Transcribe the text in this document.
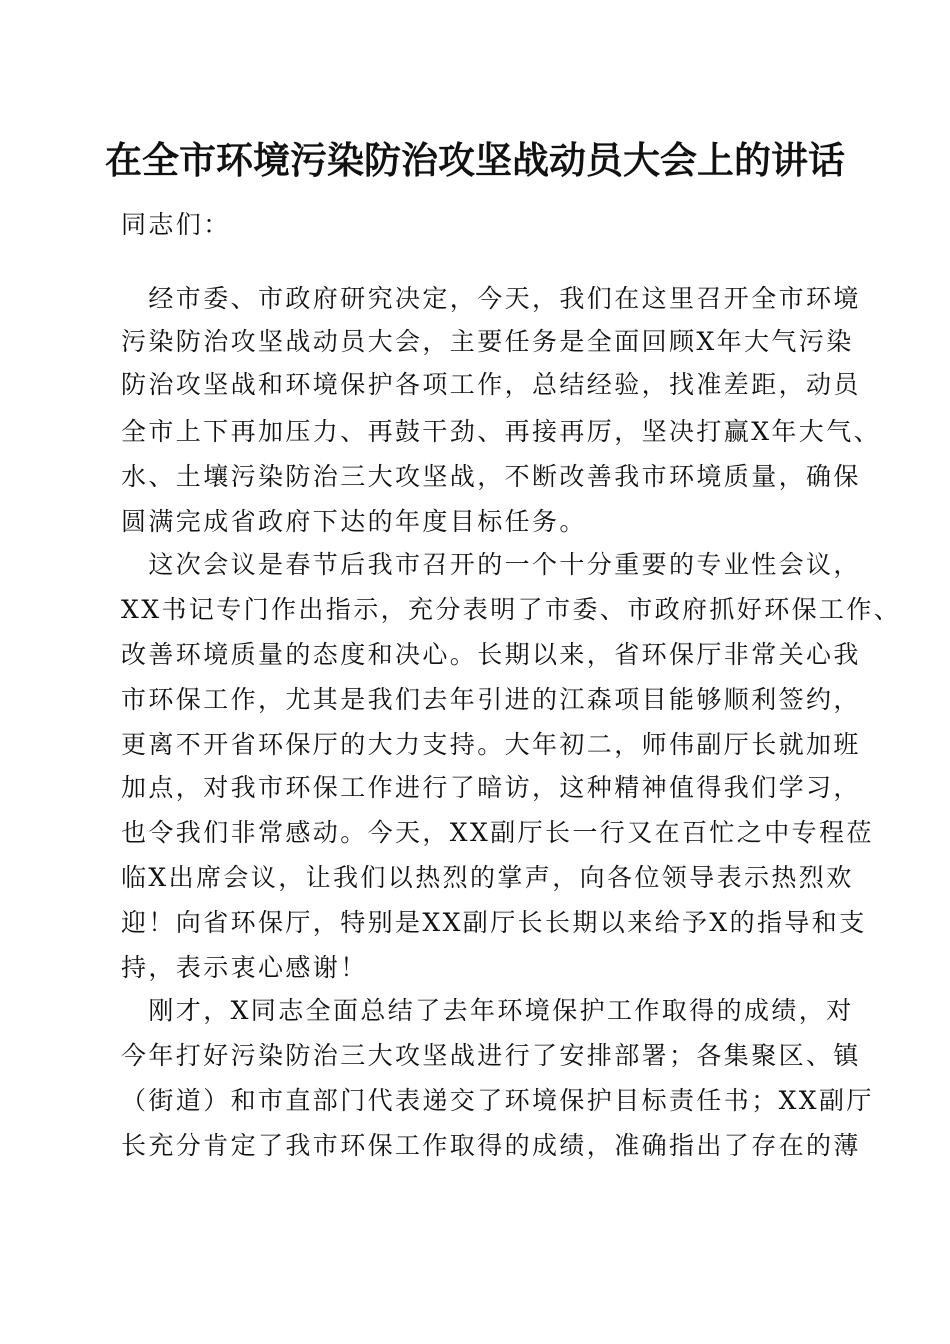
在全市环境污染防治攻坚战动员大会上的讲话

同志们：

　经市委、市政府研究决定，今天，我们在这里召开全市环境

污染防治攻坚战动员大会，主要任务是全面回顾X年大气污染

防治攻坚战和环境保护各项工作，总结经验，找准差距，动员

全市上下再加压力、再鼓干劲、再接再厉，坚决打赢X年大气、

水、土壤污染防治三大攻坚战，不断改善我市环境质量，确保

圆满完成省政府下达的年度目标任务。

　这次会议是春节后我市召开的一个十分重要的专业性会议，

XX书记专门作出指示，充分表明了市委、市政府抓好环保工作、

改善环境质量的态度和决心。长期以来，省环保厅非常关心我

市环保工作，尤其是我们去年引进的江森项目能够顺利签约，

更离不开省环保厅的大力支持。大年初二，师伟副厅长就加班

加点，对我市环保工作进行了暗访，这种精神值得我们学习，

也令我们非常感动。今天，XX副厅长一行又在百忙之中专程莅

临X出席会议，让我们以热烈的掌声，向各位领导表示热烈欢

迎！向省环保厅，特别是XX副厅长长期以来给予X的指导和支

持，表示衷心感谢！

　刚才，X同志全面总结了去年环境保护工作取得的成绩，对

今年打好污染防治三大攻坚战进行了安排部署；各集聚区、镇

（街道）和市直部门代表递交了环境保护目标责任书；XX副厅

长充分肯定了我市环保工作取得的成绩，准确指出了存在的薄
